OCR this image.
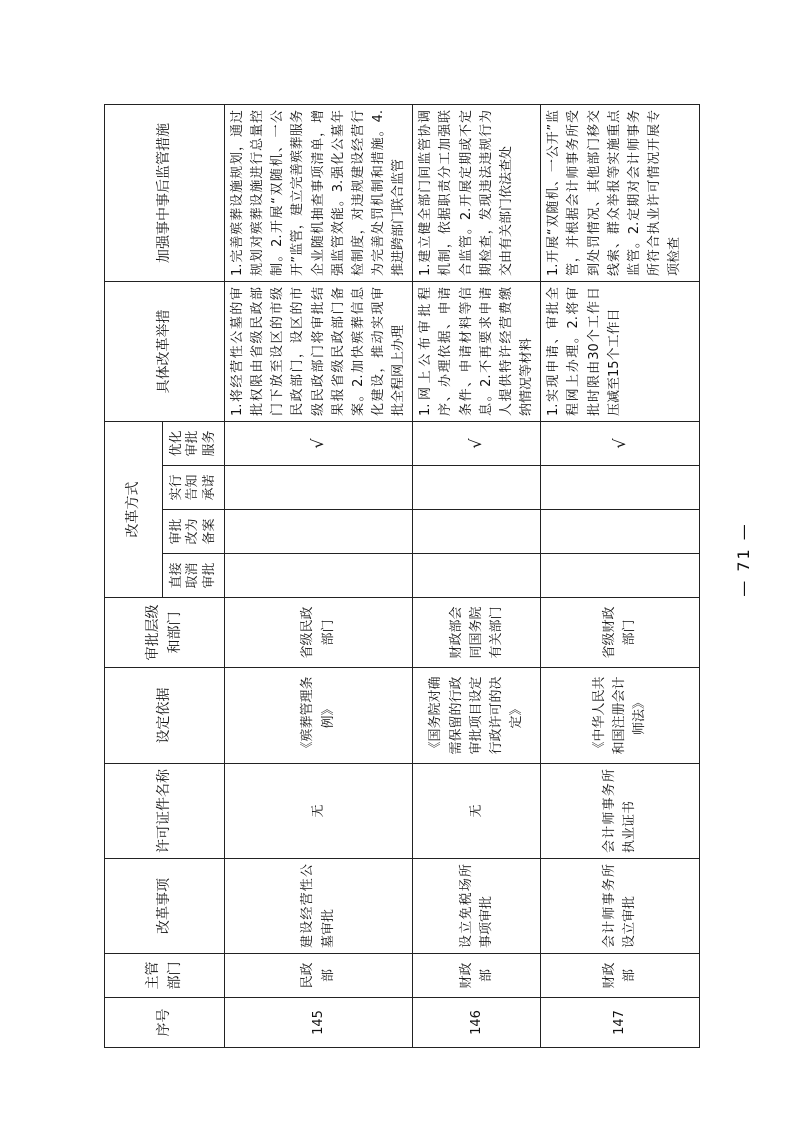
序号	主管部门	改革事项	许可证件名称	设定依据	审批层级和部门	改革方式				具体改革举措	加强事中事后监管措施
						直接取消审批	审批改为备案	实行告知承诺	优化审批服务		
145	民政部	建设经营性公墓审批	无	《殡葬管理条例》	省级民政部门				√	1.将经营性公墓的审批权限由省级民政部门下放至设区的市级民政部门，设区的市级民政部门将审批结果报省级民政部门备案。2.加快殡葬信息化建设，推动实现审批全程网上办理	1.完善殡葬设施规划，通过规划对殡葬设施进行总量控制。2.开展“双随机、一公开”监管，建立完善殡葬服务企业随机抽查事项清单，增强监管效能。3.强化公墓年检制度，对违规建设经营行为完善处罚机制和措施。4.推进跨部门联合监管
146	财政部	设立免税场所事项审批	无	《国务院对确需保留的行政审批项目设定行政许可的决定》	财政部会同国务院有关部门				√	1.网上公布审批程序、办理依据、申请条件、申请材料等信息。2.不再要求申请人提供特许经营费缴纳情况等材料	1.建立健全部门间监管协调机制，依据职责分工加强联合监管。2.开展定期或不定期检查，发现违法违规行为交由有关部门依法查处
147	财政部	会计师事务所设立审批	会计师事务所执业证书	《中华人民共和国注册会计师法》	省级财政部门				√	1.实现申请、审批全程网上办理。2.将审批时限由30个工作日压减至15个工作日	1.开展“双随机、一公开”监管，并根据会计师事务所受到处罚情况、其他部门移交线索、群众举报等实施重点监管。2.定期对会计师事务所符合执业许可情况开展专项检查
— 71 —
